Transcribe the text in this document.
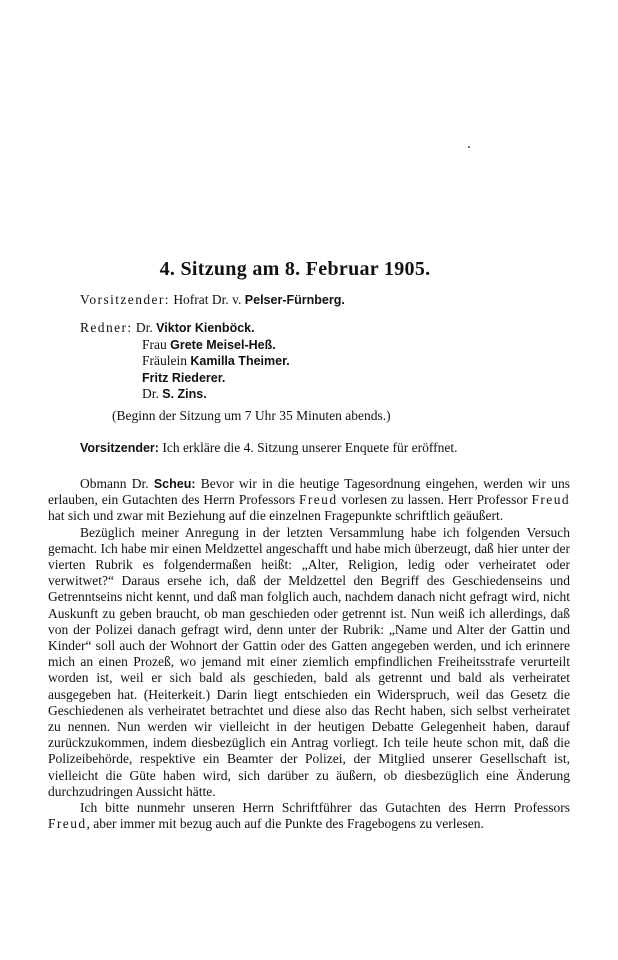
4. Sitzung am 8. Februar 1905.
Vorsitzender: Hofrat Dr. v. Pelser-Fürnberg.
Redner: Dr. Viktor Kienböck.
Frau Grete Meisel-Heß.
Fräulein Kamilla Theimer.
Fritz Riederer.
Dr. S. Zins.
(Beginn der Sitzung um 7 Uhr 35 Minuten abends.)
Vorsitzender: Ich erkläre die 4. Sitzung unserer Enquete für eröffnet.

Obmann Dr. Scheu: Bevor wir in die heutige Tagesordnung eingehen, werden wir uns erlauben, ein Gutachten des Herrn Professors Freud vorlesen zu lassen. Herr Professor Freud hat sich und zwar mit Beziehung auf die einzelnen Fragepunkte schriftlich geäußert.

Bezüglich meiner Anregung in der letzten Versammlung habe ich folgenden Versuch gemacht. Ich habe mir einen Meldzettel angeschafft und habe mich überzeugt, daß hier unter der vierten Rubrik es folgendermaßen heißt: „Alter, Religion, ledig oder verheiratet oder verwitwet?“ Daraus ersehe ich, daß der Meldzettel den Begriff des Geschiedenseins und Getrenntseins nicht kennt, und daß man folglich auch, nachdem danach nicht gefragt wird, nicht Auskunft zu geben braucht, ob man geschieden oder getrennt ist. Nun weiß ich allerdings, daß von der Polizei danach gefragt wird, denn unter der Rubrik: „Name und Alter der Gattin und Kinder“ soll auch der Wohnort der Gattin oder des Gatten angegeben werden, und ich erinnere mich an einen Prozeß, wo jemand mit einer ziemlich empfindlichen Freiheitsstrafe verurteilt worden ist, weil er sich bald als geschieden, bald als getrennt und bald als verheiratet ausgegeben hat. (Heiterkeit.) Darin liegt entschieden ein Widerspruch, weil das Gesetz die Geschiedenen als verheiratet betrachtet und diese also das Recht haben, sich selbst verheiratet zu nennen. Nun werden wir vielleicht in der heutigen Debatte Gelegenheit haben, darauf zurückzukommen, indem diesbezüglich ein Antrag vorliegt. Ich teile heute schon mit, daß die Polizeibehörde, respektive ein Beamter der Polizei, der Mitglied unserer Gesellschaft ist, vielleicht die Güte haben wird, sich darüber zu äußern, ob diesbezüglich eine Änderung durchzudringen Aussicht hätte.

Ich bitte nunmehr unseren Herrn Schriftführer das Gutachten des Herrn Professors Freud, aber immer mit bezug auch auf die Punkte des Fragebogens zu verlesen.
